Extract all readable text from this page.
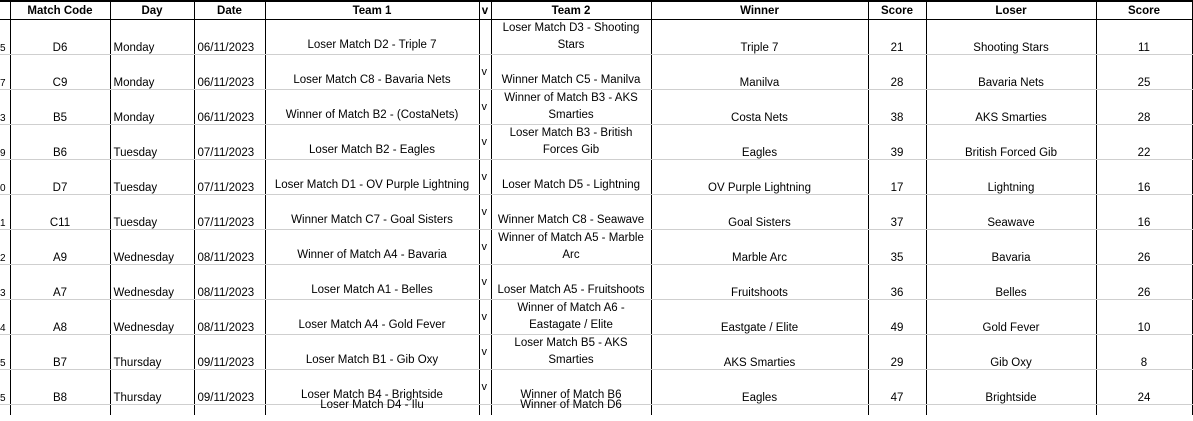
	Match Code	Day	Date	Team 1	v	Team 2	Winner	Score	Loser	Score
5	D6	Monday	06/11/2023	Loser Match D2 - Triple 7		Loser Match D3 - Shooting Stars	Triple 7	21	Shooting Stars	11
7	C9	Monday	06/11/2023	Loser Match C8 - Bavaria Nets	v	Winner Match C5 - Manilva	Manilva	28	Bavaria Nets	25
3	B5	Monday	06/11/2023	Winner of Match B2 - (CostaNets)	v	Winner of Match B3 - AKS Smarties	Costa Nets	38	AKS Smarties	28
9	B6	Tuesday	07/11/2023	Loser Match B2 - Eagles	v	Loser Match B3 - British Forces Gib	Eagles	39	British Forced Gib	22
0	D7	Tuesday	07/11/2023	Loser Match D1 - OV Purple Lightning	v	Loser Match D5 - Lightning	OV Purple Lightning	17	Lightning	16
1	C11	Tuesday	07/11/2023	Winner Match C7 - Goal Sisters	v	Winner Match C8 - Seawave	Goal Sisters	37	Seawave	16
2	A9	Wednesday	08/11/2023	Winner of Match A4 - Bavaria	v	Winner of Match A5 - Marble Arc	Marble Arc	35	Bavaria	26
3	A7	Wednesday	08/11/2023	Loser Match A1 - Belles	v	Loser Match A5 - Fruitshoots	Fruitshoots	36	Belles	26
4	A8	Wednesday	08/11/2023	Loser Match A4 - Gold Fever	v	Winner of Match A6 - Eastagate / Elite	Eastgate / Elite	49	Gold Fever	10
5	B7	Thursday	09/11/2023	Loser Match B1 - Gib Oxy	v	Loser Match B5 - AKS Smarties	AKS Smarties	29	Gib Oxy	8
5	B8	Thursday	09/11/2023	Loser Match B4 - Brightside	v	Winner of Match B6	Eagles	47	Brightside	24

				Loser Match D4 - Ilu		Winner of Match D6				
